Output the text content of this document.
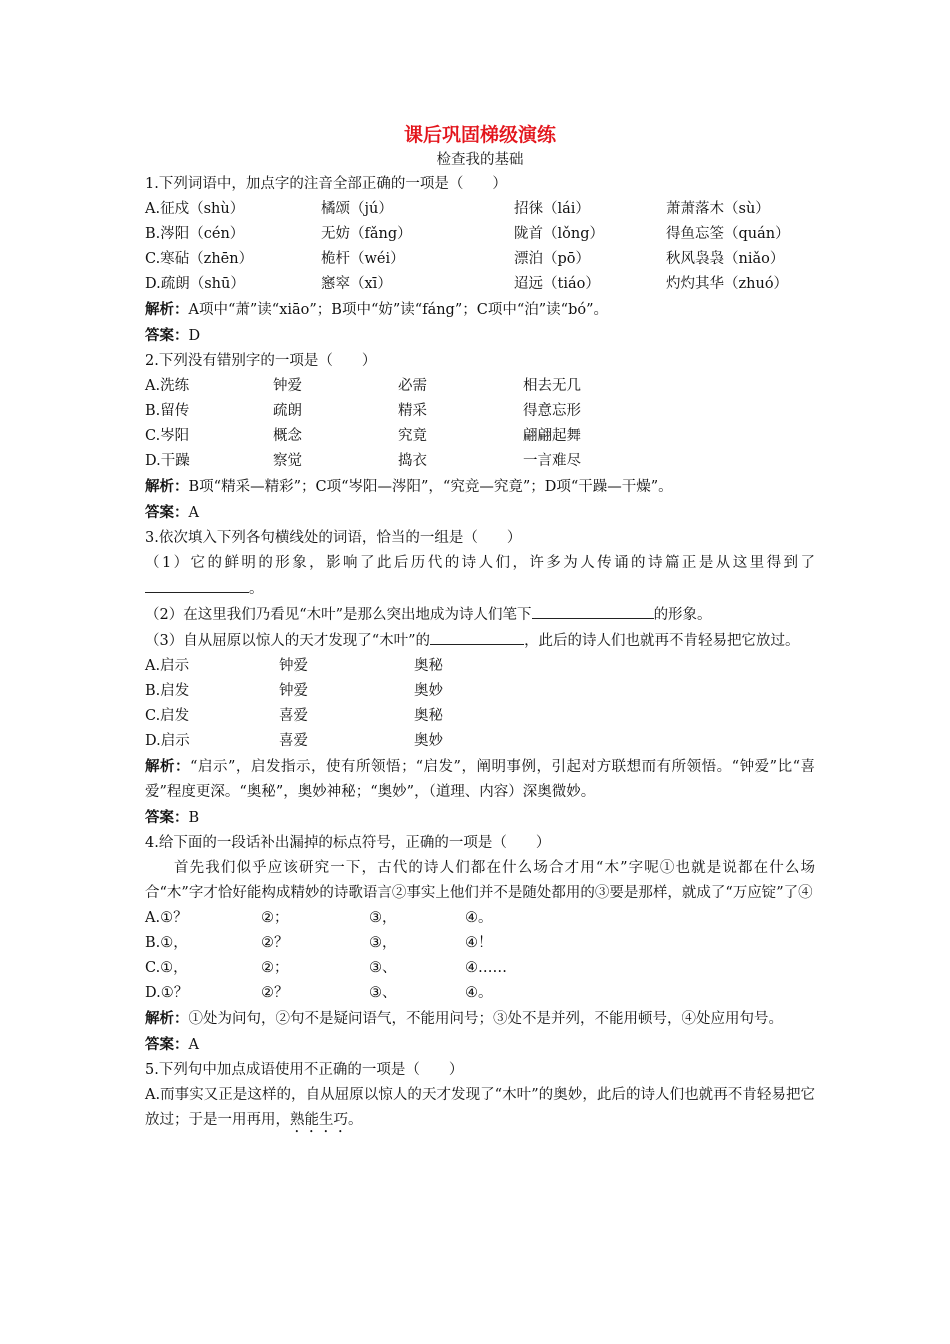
课后巩固梯级演练
检查我的基础
1.下列词语中，加点字的注音全部正确的一项是（　　）
A.征戍（shù）	橘颂（jú）	招徕（lái）	萧萧落木（sù）
B.涔阳（cén）	无妨（fǎng）	陇首（lǒng）	得鱼忘筌（quán）
C.寒砧（zhēn）	桅杆（wéi）	漂泊（pō）	秋风袅袅（niǎo）
D.疏朗（shū）	窸窣（xī）	迢远（tiáo）	灼灼其华（zhuó）
解析：A项中“萧”读“xiāo”；B项中“妨”读“fáng”；C项中“泊”读“bó”。
答案：D
2.下列没有错别字的一项是（　　）
A.洗练	钟爱	必需	相去无几
B.留传	疏朗	精采	得意忘形
C.岑阳	概念	究竟	翩翩起舞
D.干躁	察觉	捣衣	一言难尽
解析：B项“精采—精彩”；C项“岑阳—涔阳”，“究竞—究竟”；D项“干躁—干燥”。
答案：A
3.依次填入下列各句横线处的词语，恰当的一组是（　　）
（1）它的鲜明的形象，影响了此后历代的诗人们，许多为人传诵的诗篇正是从这里得到了。
（2）在这里我们乃看见“木叶”是那么突出地成为诗人们笔下	的形象。
（3）自从屈原以惊人的天才发现了“木叶”的	，此后的诗人们也就再不肯轻易把它放过。
A.启示	钟爱	奥秘
B.启发	钟爱	奥妙
C.启发	喜爱	奥秘
D.启示	喜爱	奥妙
解析：“启示”，启发指示，使有所领悟；“启发”，阐明事例，引起对方联想而有所领悟。“钟爱”比“喜爱”程度更深。“奥秘”，奥妙神秘；“奥妙”，（道理、内容）深奥微妙。
答案：B
4.给下面的一段话补出漏掉的标点符号，正确的一项是（　　）
首先我们似乎应该研究一下，古代的诗人们都在什么场合才用“木”字呢①也就是说都在什么场合“木”字才恰好能构成精妙的诗歌语言②事实上他们并不是随处都用的③要是那样，就成了“万应锭”了④
A.①？	②；	③，	④。
B.①，	②？	③，	④！
C.①，	②；	③、	④……
D.①？	②？	③、	④。
解析：①处为问句，②句不是疑问语气，不能用问号；③处不是并列，不能用顿号，④处应用句号。
答案：A
5.下列句中加点成语使用不正确的一项是（　　）
A.而事实又正是这样的，自从屈原以惊人的天才发现了“木叶”的奥妙，此后的诗人们也就再不肯轻易把它放过；于是一用再用，熟能生巧。
